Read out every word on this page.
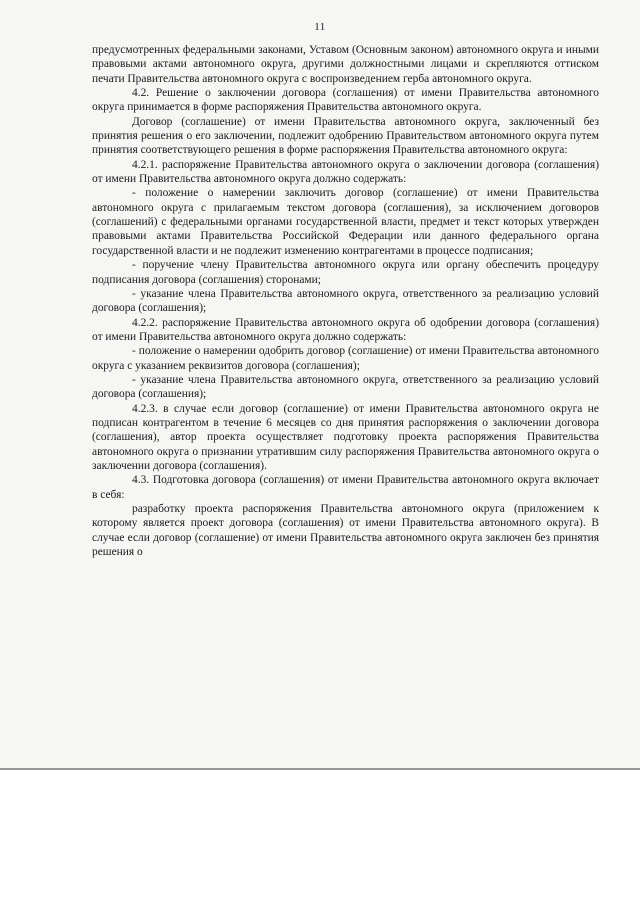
11

предусмотренных федеральными законами, Уставом (Основным законом) автономного округа и иными правовыми актами автономного округа, другими должностными лицами и скрепляются оттиском печати Правительства автономного округа с воспроизведением герба автономного округа.

4.2. Решение о заключении договора (соглашения) от имени Правительства автономного округа принимается в форме распоряжения Правительства автономного округа.

Договор (соглашение) от имени Правительства автономного округа, заключенный без принятия решения о его заключении, подлежит одобрению Правительством автономного округа путем принятия соответствующего решения в форме распоряжения Правительства автономного округа:

4.2.1. распоряжение Правительства автономного округа о заключении договора (соглашения) от имени Правительства автономного округа должно содержать:

- положение о намерении заключить договор (соглашение) от имени Правительства автономного округа с прилагаемым текстом договора (соглашения), за исключением договоров (соглашений) с федеральными органами государственной власти, предмет и текст которых утвержден правовыми актами Правительства Российской Федерации или данного федерального органа государственной власти и не подлежит изменению контрагентами в процессе подписания;

- поручение члену Правительства автономного округа или органу обеспечить процедуру подписания договора (соглашения) сторонами;

- указание члена Правительства автономного округа, ответственного за реализацию условий договора (соглашения);

4.2.2. распоряжение Правительства автономного округа об одобрении договора (соглашения) от имени Правительства автономного округа должно содержать:

- положение о намерении одобрить договор (соглашение) от имени Правительства автономного округа с указанием реквизитов договора (соглашения);

- указание члена Правительства автономного округа, ответственного за реализацию условий договора (соглашения);

4.2.3. в случае если договор (соглашение) от имени Правительства автономного округа не подписан контрагентом в течение 6 месяцев со дня принятия распоряжения о заключении договора (соглашения), автор проекта осуществляет подготовку проекта распоряжения Правительства автономного округа о признании утратившим силу распоряжения Правительства автономного округа о заключении договора (соглашения).

4.3. Подготовка договора (соглашения) от имени Правительства автономного округа включает в себя:

разработку проекта распоряжения Правительства автономного округа (приложением к которому является проект договора (соглашения) от имени Правительства автономного округа). В случае если договор (соглашение) от имени Правительства автономного округа заключен без принятия решения о
